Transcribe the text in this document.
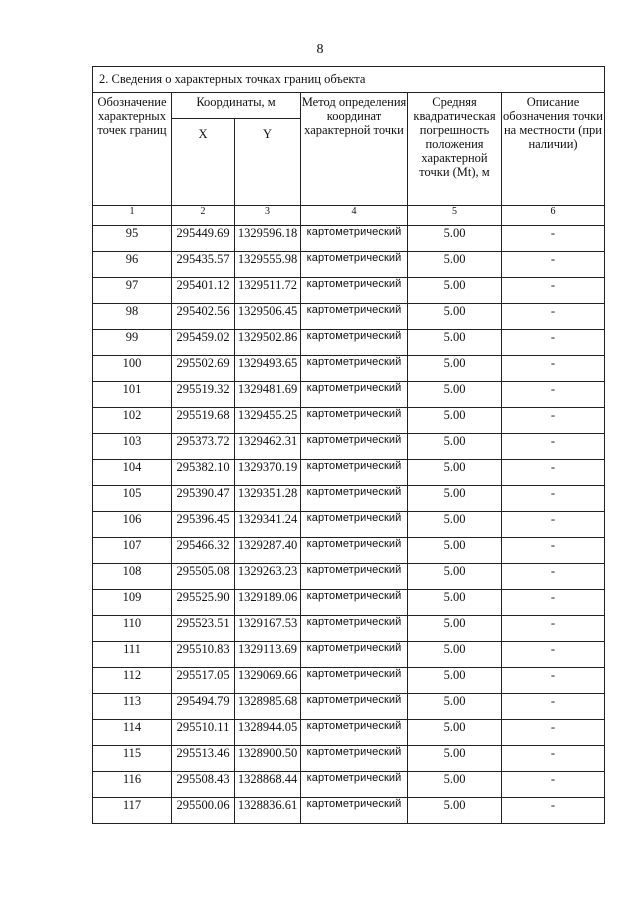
8
2. Сведения о характерных точках границ объекта					
Обозначение характерных точек границ	Координаты, м		Метод определения координат характерной точки	Средняя квадратическая погрешность положения характерной точки (Mt), м	Описание обозначения точки на местности (при наличии)
	X	Y			
1	2	3	4	5	6
95	295449.69	1329596.18	картометрический	5.00	-
96	295435.57	1329555.98	картометрический	5.00	-
97	295401.12	1329511.72	картометрический	5.00	-
98	295402.56	1329506.45	картометрический	5.00	-
99	295459.02	1329502.86	картометрический	5.00	-
100	295502.69	1329493.65	картометрический	5.00	-
101	295519.32	1329481.69	картометрический	5.00	-
102	295519.68	1329455.25	картометрический	5.00	-
103	295373.72	1329462.31	картометрический	5.00	-
104	295382.10	1329370.19	картометрический	5.00	-
105	295390.47	1329351.28	картометрический	5.00	-
106	295396.45	1329341.24	картометрический	5.00	-
107	295466.32	1329287.40	картометрический	5.00	-
108	295505.08	1329263.23	картометрический	5.00	-
109	295525.90	1329189.06	картометрический	5.00	-
110	295523.51	1329167.53	картометрический	5.00	-
111	295510.83	1329113.69	картометрический	5.00	-
112	295517.05	1329069.66	картометрический	5.00	-
113	295494.79	1328985.68	картометрический	5.00	-
114	295510.11	1328944.05	картометрический	5.00	-
115	295513.46	1328900.50	картометрический	5.00	-
116	295508.43	1328868.44	картометрический	5.00	-
117	295500.06	1328836.61	картометрический	5.00	-
